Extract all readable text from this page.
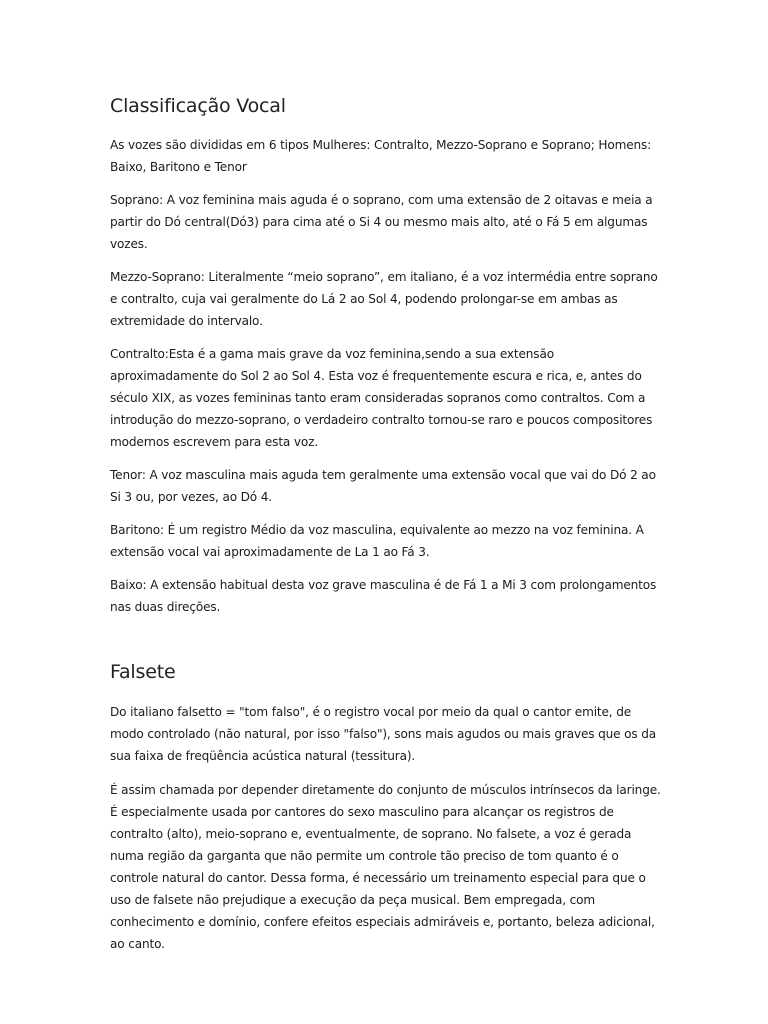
Classificação Vocal

As vozes são divididas em 6 tipos Mulheres: Contralto, Mezzo-Soprano e Soprano; Homens: Baixo, Baritono e Tenor

Soprano: A voz feminina mais aguda é o soprano, com uma extensão de 2 oitavas e meia a partir do Dó central(Dó3) para cima até o Si 4 ou mesmo mais alto, até o Fá 5 em algumas vozes.

Mezzo-Soprano: Literalmente “meio soprano”, em italiano, é a voz intermédia entre soprano e contralto, cuja vai geralmente do Lá 2 ao Sol 4, podendo prolongar-se em ambas as extremidade do intervalo.

Contralto:Esta é a gama mais grave da voz feminina,sendo a sua extensão aproximadamente do Sol 2 ao Sol 4. Esta voz é frequentemente escura e rica, e, antes do século XIX, as vozes femininas tanto eram consideradas sopranos como contraltos. Com a introdução do mezzo-soprano, o verdadeiro contralto tornou-se raro e poucos compositores modernos escrevem para esta voz.

Tenor: A voz masculina mais aguda tem geralmente uma extensão vocal que vai do Dó 2 ao Si 3 ou, por vezes, ao Dó 4.

Baritono: É um registro Médio da voz masculina, equivalente ao mezzo na voz feminina. A extensão vocal vai aproximadamente de La 1 ao Fá 3.

Baixo: A extensão habitual desta voz grave masculina é de Fá 1 a Mi 3 com prolongamentos nas duas direções.

Falsete

Do italiano falsetto = "tom falso", é o registro vocal por meio da qual o cantor emite, de modo controlado (não natural, por isso "falso"), sons mais agudos ou mais graves que os da sua faixa de freqüência acústica natural (tessitura).

É assim chamada por depender diretamente do conjunto de músculos intrínsecos da laringe. É especialmente usada por cantores do sexo masculino para alcançar os registros de contralto (alto), meio-soprano e, eventualmente, de soprano. No falsete, a voz é gerada numa região da garganta que não permite um controle tão preciso de tom quanto é o controle natural do cantor. Dessa forma, é necessário um treinamento especial para que o uso de falsete não prejudique a execução da peça musical. Bem empregada, com conhecimento e domínio, confere efeitos especiais admiráveis e, portanto, beleza adicional, ao canto.
